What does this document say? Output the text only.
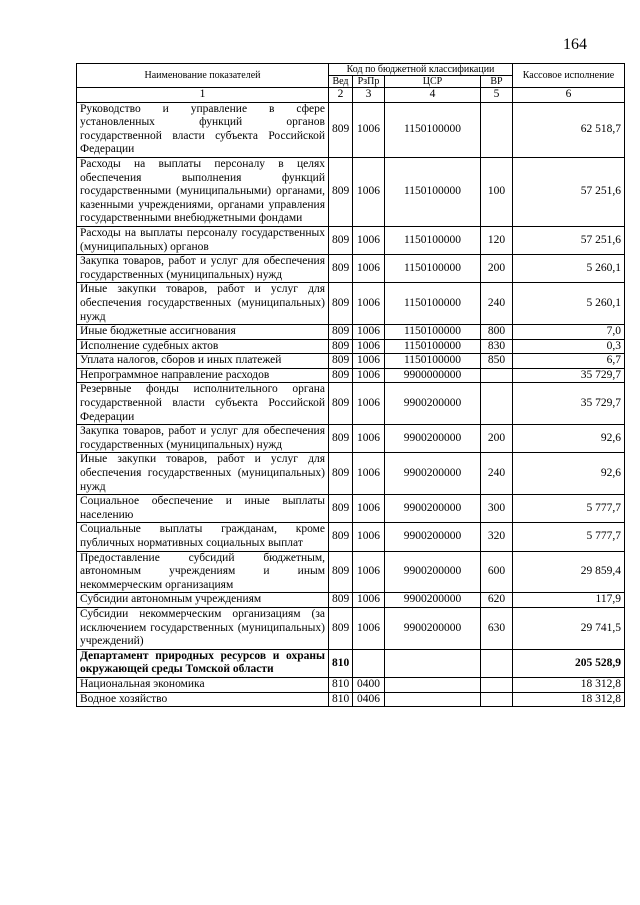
164
Наименование показателей	Код по бюджетной классификации				Кассовое исполнение
	Вед	РзПр	ЦСР	ВР	
1	2	3	4	5	6
Руководство и управление в сфере установленных функций органов государственной власти субъекта Российской Федерации	809	1006	1150100000		62 518,7
Расходы на выплаты персоналу в целях обеспечения выполнения функций государственными (муниципальными) органами, казенными учреждениями, органами управления государственными внебюджетными фондами	809	1006	1150100000	100	57 251,6
Расходы на выплаты персоналу государственных (муниципальных) органов	809	1006	1150100000	120	57 251,6
Закупка товаров, работ и услуг для обеспечения государственных (муниципальных) нужд	809	1006	1150100000	200	5 260,1
Иные закупки товаров, работ и услуг для обеспечения государственных (муниципальных) нужд	809	1006	1150100000	240	5 260,1
Иные бюджетные ассигнования	809	1006	1150100000	800	7,0
Исполнение судебных актов	809	1006	1150100000	830	0,3
Уплата налогов, сборов и иных платежей	809	1006	1150100000	850	6,7
Непрограммное направление расходов	809	1006	9900000000		35 729,7
Резервные фонды исполнительного органа государственной власти субъекта Российской Федерации	809	1006	9900200000		35 729,7
Закупка товаров, работ и услуг для обеспечения государственных (муниципальных) нужд	809	1006	9900200000	200	92,6
Иные закупки товаров, работ и услуг для обеспечения государственных (муниципальных) нужд	809	1006	9900200000	240	92,6
Социальное обеспечение и иные выплаты населению	809	1006	9900200000	300	5 777,7
Социальные выплаты гражданам, кроме публичных нормативных социальных выплат	809	1006	9900200000	320	5 777,7
Предоставление субсидий бюджетным, автономным учреждениям и иным некоммерческим организациям	809	1006	9900200000	600	29 859,4
Субсидии автономным учреждениям	809	1006	9900200000	620	117,9
Субсидии некоммерческим организациям (за исключением государственных (муниципальных) учреждений)	809	1006	9900200000	630	29 741,5
Департамент природных ресурсов и охраны окружающей среды Томской области	810				205 528,9
Национальная экономика	810	0400			18 312,8
Водное хозяйство	810	0406			18 312,8
